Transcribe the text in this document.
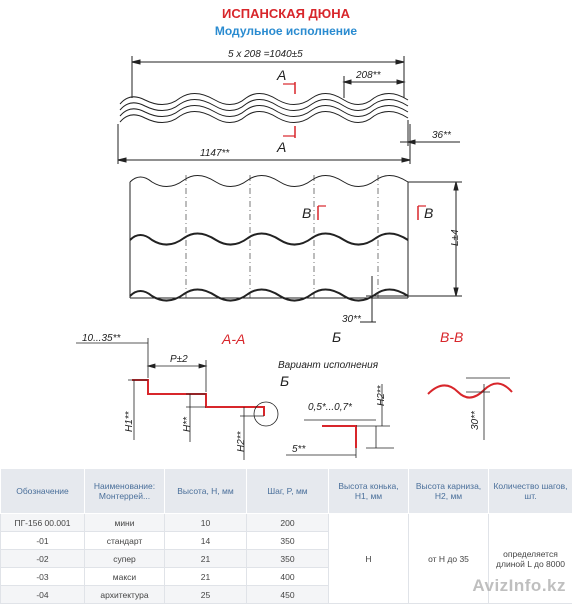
ИСПАНСКАЯ ДЮНА
Модульное исполнение
5 x 208 =1040±5
208**
36**
1147**
А
А
L±4
30**
В	В
А-А	Б	В-В
10...35**
P±2
H1**	H**
H2**
Вариант исполнения
Б
0,5*...0,7*
H2**
5**
30**
Обозначение	Наименование: Монтеррей...	Высота, H, мм	Шаг, P, мм	Высота конька, H1, мм	Высота карниза, H2, мм	Количество шагов, шт.
ПГ-156 00.001	мини	10	200	Н	от Н до 35	определяется длиной L до 8000
-01	стандарт	14	350			
-02	супер	21	350			
-03	макси	21	400			
-04	архитектура	25	450				AvizInfo.kz
